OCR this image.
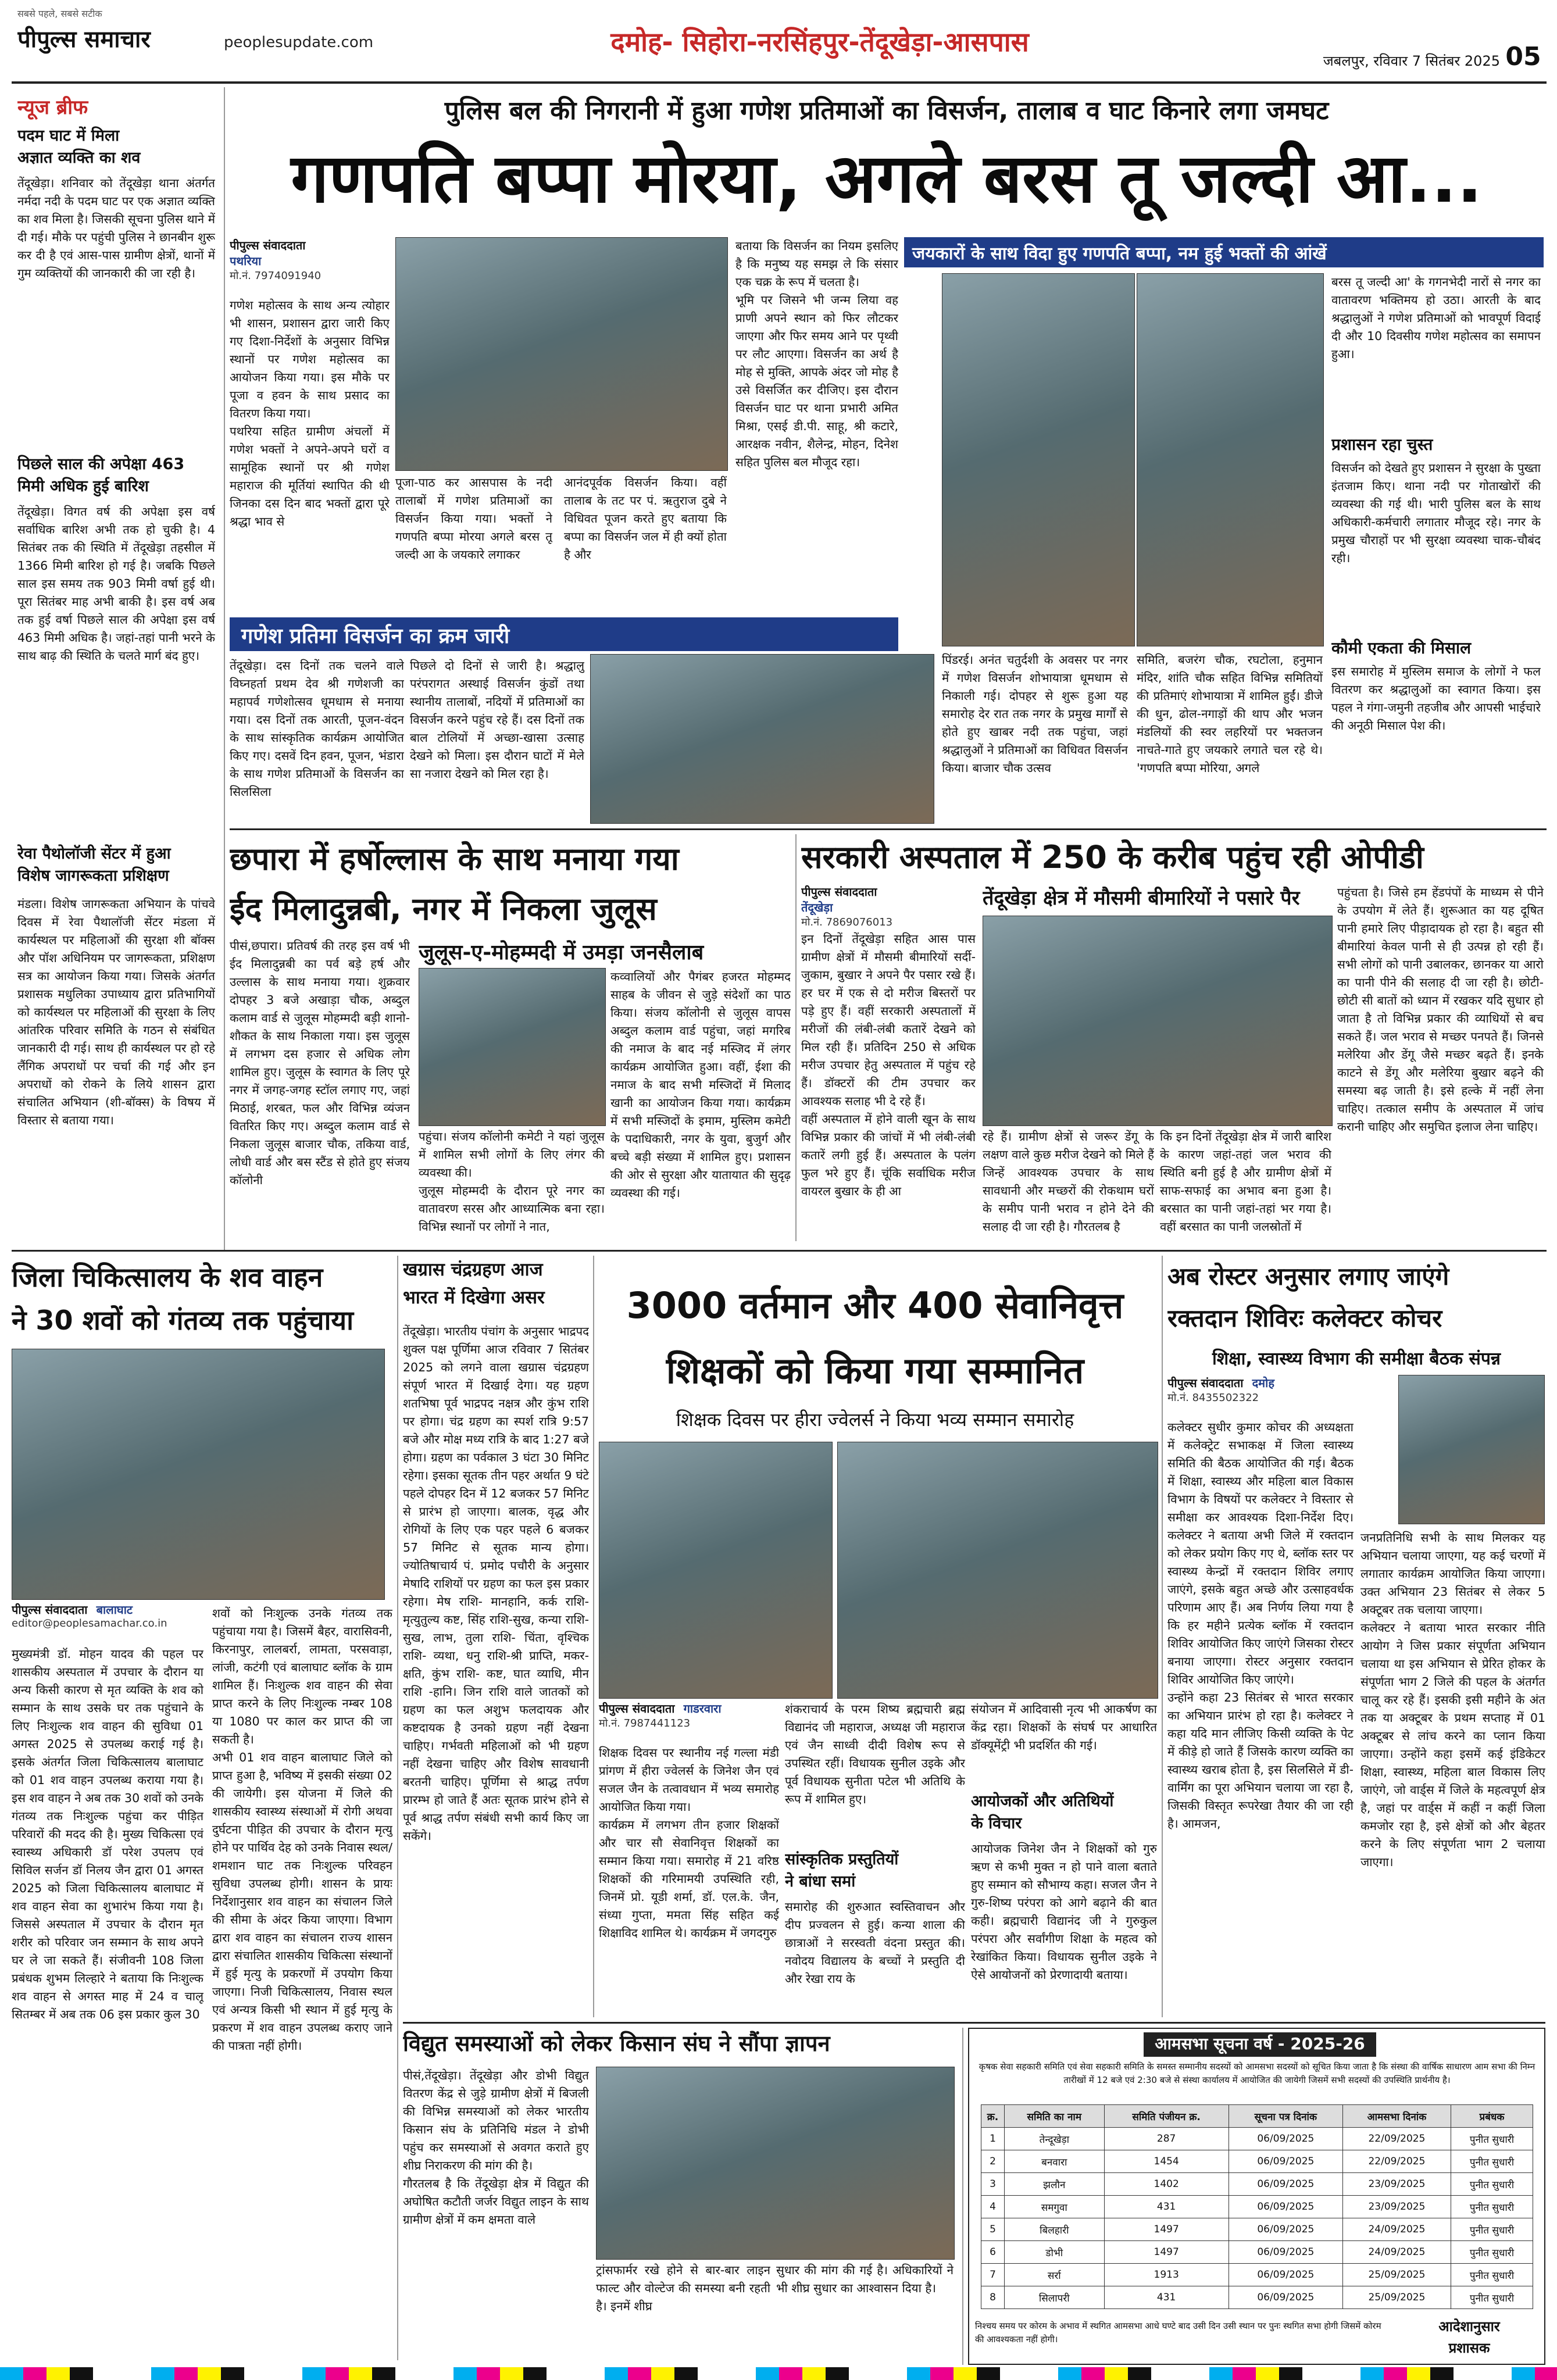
पीपुल्स समाचार
सबसे पहले, सबसे सटीक
peoplesupdate.com	दमोह- सिहोरा-नरसिंहपुर-तेंदूखेड़ा-आसपास
जबलपुर, रविवार 7 सितंबर 2025 05
न्यूज ब्रीफ
पदम घाट में मिला
अज्ञात व्यक्ति का शव
तेंदूखेड़ा। शनिवार को तेंदूखेड़ा थाना अंतर्गत नर्मदा नदी के पदम घाट पर एक अज्ञात व्यक्ति का शव मिला है। जिसकी सूचना पुलिस थाने में दी गई। मौके पर पहुंची पुलिस ने छानबीन शुरू कर दी है एवं आस-पास ग्रामीण क्षेत्रों, थानों में गुम व्यक्तियों की जानकारी की जा रही है।
पिछले साल की अपेक्षा 463
मिमी अधिक हुई बारिश
तेंदूखेड़ा। विगत वर्ष की अपेक्षा इस वर्ष सर्वाधिक बारिश अभी तक हो चुकी है। 4 सितंबर तक की स्थिति में तेंदूखेड़ा तहसील में 1366 मिमी बारिश हो गई है। जबकि पिछले साल इस समय तक 903 मिमी वर्षा हुई थी। पूरा सितंबर माह अभी बाकी है। इस वर्ष अब तक हुई वर्षा पिछले साल की अपेक्षा इस वर्ष 463 मिमी अधिक है। जहां-तहां पानी भरने के साथ बाढ़ की स्थिति के चलते मार्ग बंद हुए।
रेवा पैथोलॉजी सेंटर में हुआ
विशेष जागरूकता प्रशिक्षण
मंडला। विशेष जागरूकता अभियान के पांचवे दिवस में रेवा पैथालॉजी सेंटर मंडला में कार्यस्थल पर महिलाओं की सुरक्षा शी बॉक्स और पॉश अधिनियम पर जागरूकता, प्रशिक्षण सत्र का आयोजन किया गया। जिसके अंतर्गत प्रशासक मधुलिका उपाध्याय द्वारा प्रतिभागियों को कार्यस्थल पर महिलाओं की सुरक्षा के लिए आंतरिक परिवार समिति के गठन से संबंधित जानकारी दी गई। साथ ही कार्यस्थल पर हो रहे लैंगिक अपराधों पर चर्चा की गई और इन अपराधों को रोकने के लिये शासन द्वारा संचालित अभियान (शी-बॉक्स) के विषय में विस्तार से बताया गया।
पुलिस बल की निगरानी में हुआ गणेश प्रतिमाओं का विसर्जन, तालाब व घाट किनारे लगा जमघट
गणपति बप्पा मोरया, अगले बरस तू जल्दी आ...
पीपुल्स संवाददाता
पथरिया
मो.नं. 7974091940
गणेश महोत्सव के साथ अन्य त्योहार भी शासन, प्रशासन द्वारा जारी किए गए दिशा-निर्देशों के अनुसार विभिन्न स्थानों पर गणेश महोत्सव का आयोजन किया गया। इस मौके पर पूजा व हवन के साथ प्रसाद का वितरण किया गया।
पथरिया सहित ग्रामीण अंचलों में गणेश भक्तों ने अपने-अपने घरों व सामूहिक स्थानों पर श्री गणेश महाराज की मूर्तियां स्थापित की थी जिनका दस दिन बाद भक्तों द्वारा पूरे श्रद्धा भाव से
पूजा-पाठ कर आसपास के नदी तालाबों में गणेश प्रतिमाओं का विसर्जन किया गया। भक्तों ने गणपति बप्पा मोरया अगले बरस तू जल्दी आ के जयकारे लगाकर
आनंदपूर्वक विसर्जन किया। वहीं तालाब के तट पर पं. ऋतुराज दुबे ने विधिवत पूजन करते हुए बताया कि बप्पा का विसर्जन जल में ही क्यों होता है और
बताया कि विसर्जन का नियम इसलिए है कि मनुष्य यह समझ ले कि संसार एक चक्र के रूप में चलता है।
भूमि पर जिसने भी जन्म लिया वह प्राणी अपने स्थान को फिर लौटकर जाएगा और फिर समय आने पर पृथ्वी पर लौट आएगा। विसर्जन का अर्थ है मोह से मुक्ति, आपके अंदर जो मोह है उसे विसर्जित कर दीजिए। इस दौरान विसर्जन घाट पर थाना प्रभारी अमित मिश्रा, एसई डी.पी. साहू, श्री कटारे, आरक्षक नवीन, शैलेन्द्र, मोहन, दिनेश सहित पुलिस बल मौजूद रहा।
गणेश प्रतिमा विसर्जन का क्रम जारी
तेंदूखेड़ा। दस दिनों तक चलने वाले विघ्नहर्ता प्रथम देव श्री गणेशजी का महापर्व गणेशोत्सव धूमधाम से मनाया गया। दस दिनों तक आरती, पूजन-वंदन के साथ सांस्कृतिक कार्यक्रम आयोजित किए गए। दसवें दिन हवन, पूजन, भंडारा के साथ गणेश प्रतिमाओं के विसर्जन का सिलसिला
पिछले दो दिनों से जारी है। श्रद्धालु परंपरागत अस्थाई विसर्जन कुंडों तथा स्थानीय तालाबों, नदियों में प्रतिमाओं का विसर्जन करने पहुंच रहे हैं। दस दिनों तक बाल टोलियों में अच्छा-खासा उत्साह देखने को मिला। इस दौरान घाटों में मेले सा नजारा देखने को मिल रहा है।
जयकारों के साथ विदा हुए गणपति बप्पा, नम हुई भक्तों की आंखें
पिंडरई। अनंत चतुर्दशी के अवसर पर नगर में गणेश विसर्जन शोभायात्रा धूमधाम से निकाली गई। दोपहर से शुरू हुआ यह समारोह देर रात तक नगर के प्रमुख मार्गों से होते हुए खाबर नदी तक पहुंचा, जहां श्रद्धालुओं ने प्रतिमाओं का विधिवत विसर्जन किया। बाजार चौक उत्सव
समिति, बजरंग चौक, रघटोला, हनुमान मंदिर, शांति चौक सहित विभिन्न समितियों की प्रतिमाएं शोभायात्रा में शामिल हुईं। डीजे की धुन, ढोल-नगाड़ों की थाप और भजन मंडलियों की स्वर लहरियों पर भक्तजन नाचते-गाते हुए जयकारे लगाते चल रहे थे। 'गणपति बप्पा मोरिया, अगले
बरस तू जल्दी आ' के गगनभेदी नारों से नगर का वातावरण भक्तिमय हो उठा। आरती के बाद श्रद्धालुओं ने गणेश प्रतिमाओं को भावपूर्ण विदाई दी और 10 दिवसीय गणेश महोत्सव का समापन हुआ।
प्रशासन रहा चुस्त
विसर्जन को देखते हुए प्रशासन ने सुरक्षा के पुख्ता इंतजाम किए। थाना नदी पर गोताखोरों की व्यवस्था की गई थी। भारी पुलिस बल के साथ अधिकारी-कर्मचारी लगातार मौजूद रहे। नगर के प्रमुख चौराहों पर भी सुरक्षा व्यवस्था चाक-चौबंद रही।
कौमी एकता की मिसाल
इस समारोह में मुस्लिम समाज के लोगों ने फल वितरण कर श्रद्धालुओं का स्वागत किया। इस पहल ने गंगा-जमुनी तहजीब और आपसी भाईचारे की अनूठी मिसाल पेश की।
छपारा में हर्षोल्लास के साथ मनाया गया
ईद मिलादुन्नबी, नगर में निकला जुलूस
जुलूस-ए-मोहम्मदी में उमड़ा जनसैलाब
पीसं,छपारा। प्रतिवर्ष की तरह इस वर्ष भी ईद मिलादुन्नबी का पर्व बड़े हर्ष और उल्लास के साथ मनाया गया। शुक्रवार दोपहर 3 बजे अखाड़ा चौक, अब्दुल कलाम वार्ड से जुलूस मोहम्मदी बड़ी शानो-शौकत के साथ निकाला गया। इस जुलूस में लगभग दस हजार से अधिक लोग शामिल हुए। जुलूस के स्वागत के लिए पूरे नगर में जगह-जगह स्टॉल लगाए गए, जहां मिठाई, शरबत, फल और विभिन्न व्यंजन वितरित किए गए। अब्दुल कलाम वार्ड से निकला जुलूस बाजार चौक, तकिया वार्ड, लोधी वार्ड और बस स्टैंड से होते हुए संजय कॉलोनी
कव्वालियों और पैगंबर हजरत मोहम्मद साहब के जीवन से जुड़े संदेशों का पाठ किया। संजय कॉलोनी से जुलूस वापस अब्दुल कलाम वार्ड पहुंचा, जहां मगरिब की नमाज के बाद नई मस्जिद में लंगर कार्यक्रम आयोजित हुआ। वहीं, ईशा की नमाज के बाद सभी मस्जिदों में मिलाद खानी का आयोजन किया गया। कार्यक्रम में सभी मस्जिदों के इमाम, मुस्लिम कमेटी के पदाधिकारी, नगर के युवा, बुजुर्ग और बच्चे बड़ी संख्या में शामिल हुए। प्रशासन की ओर से सुरक्षा और यातायात की सुदृढ़ व्यवस्था की गई।
पहुंचा। संजय कॉलोनी कमेटी ने यहां जुलूस में शामिल सभी लोगों के लिए लंगर की व्यवस्था की।
जुलूस मोहम्मदी के दौरान पूरे नगर का वातावरण सरस और आध्यात्मिक बना रहा। विभिन्न स्थानों पर लोगों ने नात,
सरकारी अस्पताल में 250 के करीब पहुंच रही ओपीडी
पीपुल्स संवाददाता
तेंदूखेड़ा
मो.नं. 7869076013
तेंदूखेड़ा क्षेत्र में मौसमी बीमारियों ने पसारे पैर
इन दिनों तेंदूखेड़ा सहित आस पास ग्रामीण क्षेत्रों में मौसमी बीमारियों सर्दी-जुकाम, बुखार ने अपने पैर पसार रखे हैं। हर घर में एक से दो मरीज बिस्तरों पर पड़े हुए हैं। वहीं सरकारी अस्पतालों में मरीजों की लंबी-लंबी कतारें देखने को मिल रही हैं। प्रतिदिन 250 से अधिक मरीज उपचार हेतु अस्पताल में पहुंच रहे हैं। डॉक्टरों की टीम उपचार कर आवश्यक सलाह भी दे रहे हैं।
वहीं अस्पताल में होने वाली खून के साथ विभिन्न प्रकार की जांचों में भी लंबी-लंबी कतारें लगी हुई हैं। अस्पताल के पलंग फुल भरे हुए हैं। चूंकि सर्वाधिक मरीज वायरल बुखार के ही आ
रहे हैं। ग्रामीण क्षेत्रों से जरूर डेंगू के लक्षण वाले कुछ मरीज देखने को मिले हैं जिन्हें आवश्यक उपचार के साथ सावधानी और मच्छरों की रोकथाम घरों के समीप पानी भराव न होने देने की सलाह दी जा रही है। गौरतलब है
कि इन दिनों तेंदूखेड़ा क्षेत्र में जारी बारिश के कारण जहां-तहां जल भराव की स्थिति बनी हुई है और ग्रामीण क्षेत्रों में साफ-सफाई का अभाव बना हुआ है। बरसात का पानी जहां-तहां भर गया है। वहीं बरसात का पानी जलस्रोतों में
पहुंचता है। जिसे हम हेंडपंपों के माध्यम से पीने के उपयोग में लेते हैं। शुरूआत का यह दूषित पानी हमारे लिए पीड़ादायक हो रहा है। बहुत सी बीमारियां केवल पानी से ही उत्पन्न हो रही हैं। सभी लोगों को पानी उबालकर, छानकर या आरो का पानी पीने की सलाह दी जा रही है। छोटी-छोटी सी बातों को ध्यान में रखकर यदि सुधार हो जाता है तो विभिन्न प्रकार की व्याधियों से बच सकते हैं। जल भराव से मच्छर पनपते हैं। जिनसे मलेरिया और डेंगू जैसे मच्छर बढ़ते हैं। इनके काटने से डेंगू और मलेरिया बुखार बढ़ने की समस्या बढ़ जाती है। इसे हल्के में नहीं लेना चाहिए। तत्काल समीप के अस्पताल में जांच करानी चाहिए और समुचित इलाज लेना चाहिए।
जिला चिकित्सालय के शव वाहन
ने 30 शवों को गंतव्य तक पहुंचाया
पीपुल्स संवाददाता बालाघाट
editor@peoplesamachar.co.in
मुख्यमंत्री डॉ. मोहन यादव की पहल पर शासकीय अस्पताल में उपचार के दौरान या अन्य किसी कारण से मृत व्यक्ति के शव को सम्मान के साथ उसके घर तक पहुंचाने के लिए निःशुल्क शव वाहन की सुविधा 01 अगस्त 2025 से उपलब्ध कराई गई है। इसके अंतर्गत जिला चिकित्सालय बालाघाट को 01 शव वाहन उपलब्ध कराया गया है। इस शव वाहन ने अब तक 30 शवों को उनके गंतव्य तक निःशुल्क पहुंचा कर पीड़ित परिवारों की मदद की है। मुख्य चिकित्सा एवं स्वास्थ्य अधिकारी डॉ परेश उपलप एवं सिविल सर्जन डॉ निलय जैन द्वारा 01 अगस्त 2025 को जिला चिकित्सालय बालाघाट में शव वाहन सेवा का शुभारंभ किया गया है। जिससे अस्पताल में उपचार के दौरान मृत शरीर को परिवार जन सम्मान के साथ अपने घर ले जा सकते हैं। संजीवनी 108 जिला प्रबंधक शुभम लिल्हारे ने बताया कि निःशुल्क शव वाहन से अगस्त माह में 24 व चालू सितम्बर में अब तक 06 इस प्रकार कुल 30
शवों को निःशुल्क उनके गंतव्य तक पहुंचाया गया है। जिसमें बैहर, वारासिवनी, किरनापुर, लालबर्रा, लामता, परसवाड़ा, लांजी, कटंगी एवं बालाघाट ब्लॉक के ग्राम शामिल हैं। निःशुल्क शव वाहन की सेवा प्राप्त करने के लिए निःशुल्क नम्बर 108 या 1080 पर काल कर प्राप्त की जा सकती है।
अभी 01 शव वाहन बालाघाट जिले को प्राप्त हुआ है, भविष्य में इसकी संख्या 02 की जायेगी। इस योजना में जिले की शासकीय स्वास्थ्य संस्थाओं में रोगी अथवा दुर्घटना पीड़ित की उपचार के दौरान मृत्यु होने पर पार्थिव देह को उनके निवास स्थल/शमशान घाट तक निःशुल्क परिवहन सुविधा उपलब्ध होगी। शासन के प्रायः निर्देशानुसार शव वाहन का संचालन जिले की सीमा के अंदर किया जाएगा। विभाग द्वारा शव वाहन का संचालन राज्य शासन द्वारा संचालित शासकीय चिकित्सा संस्थानों में हुई मृत्यु के प्रकरणों में उपयोग किया जाएगा। निजी चिकित्सालय, निवास स्थल एवं अन्यत्र किसी भी स्थान में हुई मृत्यु के प्रकरण में शव वाहन उपलब्ध कराए जाने की पात्रता नहीं होगी।
खग्रास चंद्रग्रहण आज
भारत में दिखेगा असर
तेंदूखेड़ा। भारतीय पंचांग के अनुसार भाद्रपद शुक्ल पक्ष पूर्णिमा आज रविवार 7 सितंबर 2025 को लगने वाला खग्रास चंद्रग्रहण संपूर्ण भारत में दिखाई देगा। यह ग्रहण शतभिषा पूर्व भाद्रपद नक्षत्र और कुंभ राशि पर होगा। चंद्र ग्रहण का स्पर्श रात्रि 9:57 बजे और मोक्ष मध्य रात्रि के बाद 1:27 बजे होगा। ग्रहण का पर्वकाल 3 घंटा 30 मिनिट रहेगा। इसका सूतक तीन पहर अर्थात 9 घंटे पहले दोपहर दिन में 12 बजकर 57 मिनिट से प्रारंभ हो जाएगा। बालक, वृद्ध और रोगियों के लिए एक पहर पहले 6 बजकर 57 मिनिट से सूतक मान्य होगा। ज्योतिषाचार्य पं. प्रमोद पचौरी के अनुसार मेषादि राशियों पर ग्रहण का फल इस प्रकार रहेगा। मेष राशि- मानहानि, कर्क राशि- मृत्युतुल्य कष्ट, सिंह राशि-सुख, कन्या राशि-सुख, लाभ, तुला राशि- चिंता, वृश्चिक राशि- व्यथा, धनु राशि-श्री प्राप्ति, मकर-क्षति, कुंभ राशि- कष्ट, घात व्याधि, मीन राशि -हानि। जिन राशि वाले जातकों को ग्रहण का फल अशुभ फलदायक और कष्टदायक है उनको ग्रहण नहीं देखना चाहिए। गर्भवती महिलाओं को भी ग्रहण नहीं देखना चाहिए और विशेष सावधानी बरतनी चाहिए। पूर्णिमा से श्राद्ध तर्पण प्रारम्भ हो जाते हैं अतः सूतक प्रारंभ होने से पूर्व श्राद्ध तर्पण संबंधी सभी कार्य किए जा सकेंगे।
3000 वर्तमान और 400 सेवानिवृत्त
शिक्षकों को किया गया सम्मानित
शिक्षक दिवस पर हीरा ज्वेलर्स ने किया भव्य सम्मान समारोह
पीपुल्स संवाददाता गाडरवारा
मो.नं. 7987441123
शिक्षक दिवस पर स्थानीय नई गल्ला मंडी प्रांगण में हीरा ज्वेलर्स के जिनेश जैन एवं सजल जैन के तत्वावधान में भव्य समारोह आयोजित किया गया।
कार्यक्रम में लगभग तीन हजार शिक्षकों और चार सौ सेवानिवृत्त शिक्षकों का सम्मान किया गया। समारोह में 21 वरिष्ठ शिक्षकों की गरिमामयी उपस्थिति रही, जिनमें प्रो. यूडी शर्मा, डॉ. एल.के. जैन, संध्या गुप्ता, ममता सिंह सहित कई शिक्षाविद शामिल थे। कार्यक्रम में जगदगुरु
शंकराचार्य के परम शिष्य ब्रह्मचारी ब्रह्म विद्यानंद जी महाराज, अध्यक्ष जी महाराज एवं जैन साध्वी दीदी विशेष रूप से उपस्थित रहीं। विधायक सुनील उइके और पूर्व विधायक सुनीता पटेल भी अतिथि के रूप में शामिल हुए।
सांस्कृतिक प्रस्तुतियों
ने बांधा समां
समारोह की शुरुआत स्वस्तिवाचन और दीप प्रज्वलन से हुई। कन्या शाला की छात्राओं ने सरस्वती वंदना प्रस्तुत की। नवोदय विद्यालय के बच्चों ने प्रस्तुति दी और रेखा राय के
संयोजन में आदिवासी नृत्य भी आकर्षण का केंद्र रहा। शिक्षकों के संघर्ष पर आधारित डॉक्यूमेंट्री भी प्रदर्शित की गई।
आयोजकों और अतिथियों
के विचार
आयोजक जिनेश जैन ने शिक्षकों को गुरु ऋण से कभी मुक्त न हो पाने वाला बताते हुए सम्मान को सौभाग्य कहा। सजल जैन ने गुरु-शिष्य परंपरा को आगे बढ़ाने की बात कही। ब्रह्मचारी विद्यानंद जी ने गुरुकुल परंपरा और सर्वांगीण शिक्षा के महत्व को रेखांकित किया। विधायक सुनील उइके ने ऐसे आयोजनों को प्रेरणादायी बताया।
अब रोस्टर अनुसार लगाए जाएंगे
रक्तदान शिविरः कलेक्टर कोचर
शिक्षा, स्वास्थ्य विभाग की समीक्षा बैठक संपन्न
पीपुल्स संवाददाता दमोह
मो.नं. 8435502322
कलेक्टर सुधीर कुमार कोचर की अध्यक्षता में कलेक्ट्रेट सभाकक्ष में जिला स्वास्थ्य समिति की बैठक आयोजित की गई। बैठक में शिक्षा, स्वास्थ्य और महिला बाल विकास विभाग के विषयों पर कलेक्टर ने विस्तार से समीक्षा कर आवश्यक दिशा-निर्देश दिए। कलेक्टर ने बताया अभी जिले में रक्तदान को लेकर प्रयोग किए गए थे, ब्लॉक स्तर पर स्वास्थ्य केन्द्रों में रक्तदान शिविर लगाए जाएंगे, इसके बहुत अच्छे और उत्साहवर्धक परिणाम आए हैं। अब निर्णय लिया गया है कि हर महीने प्रत्येक ब्लॉक में रक्तदान शिविर आयोजित किए जाएंगे जिसका रोस्टर बनाया जाएगा। रोस्टर अनुसार रक्तदान शिविर आयोजित किए जाएंगे।
उन्होंने कहा 23 सितंबर से भारत सरकार का अभियान प्रारंभ हो रहा है। कलेक्टर ने कहा यदि मान लीजिए किसी व्यक्ति के पेट में कीड़े हो जाते हैं जिसके कारण व्यक्ति का स्वास्थ्य खराब होता है, इस सिलसिले में डी-वार्मिंग का पूरा अभियान चलाया जा रहा है, जिसकी विस्तृत रूपरेखा तैयार की जा रही है। आमजन,
जनप्रतिनिधि सभी के साथ मिलकर यह अभियान चलाया जाएगा, यह कई चरणों में लगातार कार्यक्रम आयोजित किया जाएगा। उक्त अभियान 23 सितंबर से लेकर 5 अक्टूबर तक चलाया जाएगा।
कलेक्टर ने बताया भारत सरकार नीति आयोग ने जिस प्रकार संपूर्णता अभियान चलाया था इस अभियान से प्रेरित होकर के संपूर्णता भाग 2 जिले की पहल के अंतर्गत चालू कर रहे हैं। इसकी इसी महीने के अंत तक या अक्टूबर के प्रथम सप्ताह में 01 अक्टूबर से लांच करने का प्लान किया जाएगा। उन्होंने कहा इसमें कई इंडिकेटर शिक्षा, स्वास्थ्य, महिला बाल विकास लिए जाएंगे, जो वार्ड्स में जिले के महत्वपूर्ण क्षेत्र है, जहां पर वार्ड्स में कहीं न कहीं जिला कमजोर रहा है, इसे क्षेत्रों को और बेहतर करने के लिए संपूर्णता भाग 2 चलाया जाएगा।
विद्युत समस्याओं को लेकर किसान संघ ने सौंपा ज्ञापन
पीसं,तेंदूखेड़ा। तेंदूखेड़ा और डोभी विद्युत वितरण केंद्र से जुड़े ग्रामीण क्षेत्रों में बिजली की विभिन्न समस्याओं को लेकर भारतीय किसान संघ के प्रतिनिधि मंडल ने डोभी पहुंच कर समस्याओं से अवगत कराते हुए शीघ्र निराकरण की मांग की है।
गौरतलब है कि तेंदूखेड़ा क्षेत्र में विद्युत की अघोषित कटौती जर्जर विद्युत लाइन के साथ ग्रामीण क्षेत्रों में कम क्षमता वाले
ट्रांसफार्मर रखे होने से बार-बार लाइन फाल्ट और वोल्टेज की समस्या बनी रहती है। इनमें शीघ्र
सुधार की मांग की गई है। अधिकारियों ने भी शीघ्र सुधार का आश्वासन दिया है।
आमसभा सूचना वर्ष - 2025-26
कृषक सेवा सहकारी समिति एवं सेवा सहकारी समिति के समस्त सम्मानीय सदस्यों को आमसभा सदस्यों को सूचित किया जाता है कि संस्था की वार्षिक साधारण आम सभा की निम्न तारीखों में 12 बजे एवं 2:30 बजे से संस्था कार्यालय में आयोजित की जायेगी जिसमें सभी सदस्यों की उपस्थिति प्रार्थनीय है।
क्र.	समिति का नाम	समिति पंजीयन क्र.	सूचना पत्र दिनांक	आमसभा दिनांक	प्रबंधक
1	तेन्दूखेड़ा	287	06/09/2025	22/09/2025	पुनीत सुधारी
2	बनवारा	1454	06/09/2025	22/09/2025	पुनीत सुधारी
3	झलौन	1402	06/09/2025	23/09/2025	पुनीत सुधारी
4	समगुवा	431	06/09/2025	23/09/2025	पुनीत सुधारी
5	बिलहारी	1497	06/09/2025	24/09/2025	पुनीत सुधारी
6	डोभी	1497	06/09/2025	24/09/2025	पुनीत सुधारी
7	सर्रा	1913	06/09/2025	25/09/2025	पुनीत सुधारी
8	सिलापरी	431	06/09/2025	25/09/2025	पुनीत सुधारी
निश्चय समय पर कोरम के अभाव में स्थगित आमसभा आधे घण्टे बाद उसी दिन उसी स्थान पर पुनः स्थगित सभा होगी जिसमें कोरम की आवश्यकता नहीं होगी।
आदेशानुसार
प्रशासक
